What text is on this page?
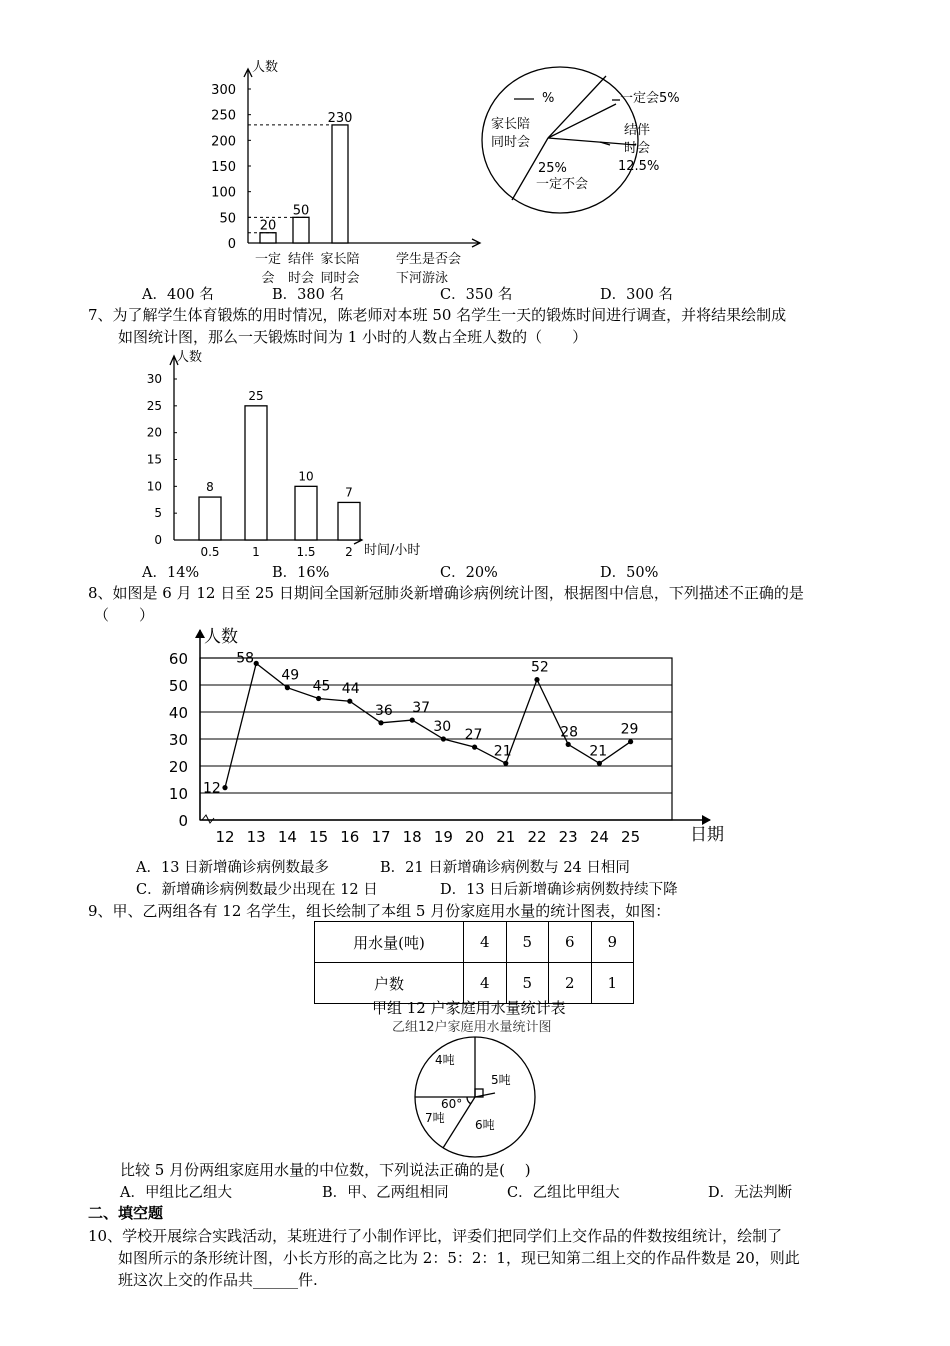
人数
0
50
100
150
200
250
300
20
一定
会
50
结伴
时会
230
家长陪
同时会
学生是否会
下河游泳
%
家长陪
同时会
一定会5%
结伴
时会
12.5%
25%
一定不会
A．400 名	B．380 名	C．350 名	D．300 名
7、为了解学生体育锻炼的用时情况，陈老师对本班 50 名学生一天的锻炼时间进行调查，并将结果绘制成
如图统计图，那么一天锻炼时间为 1 小时的人数占全班人数的（　　）
人数
时间/小时
0
5
10
15
20
25
30
8
0.5
25
1
10
1.5
7
2
A．14%	B．16%	C．20%	D．50%
8、如图是 6 月 12 日至 25 日期间全国新冠肺炎新增确诊病例统计图，根据图中信息，下列描述不正确的是
（　　）
0
10
20
30
40
50
60
人数
日期
12
12
58
13
49
14
45
15
44
16
36
17
37
18
30
19
27
20
21
21
52
22
28
23
21
24
29
25
A．13 日新增确诊病例数最多	B．21 日新增确诊病例数与 24 日相同
C．新增确诊病例数最少出现在 12 日	D．13 日后新增确诊病例数持续下降
9、甲、乙两组各有 12 名学生，组长绘制了本组 5 月份家庭用水量的统计图表，如图：
用水量(吨)	4	5	6	9
户数	4	5	2	1
甲组 12 户家庭用水量统计表
乙组12户家庭用水量统计图
4吨
5吨
6吨
7吨
60°
比较 5 月份两组家庭用水量的中位数，下列说法正确的是(　 )
A．甲组比乙组大	B．甲、乙两组相同	C．乙组比甲组大	D．无法判断
二、填空题
10、学校开展综合实践活动，某班进行了小制作评比，评委们把同学们上交作品的件数按组统计，绘制了
如图所示的条形统计图，小长方形的高之比为 2：5：2：1，现已知第二组上交的作品件数是 20，则此
班这次上交的作品共______件.
